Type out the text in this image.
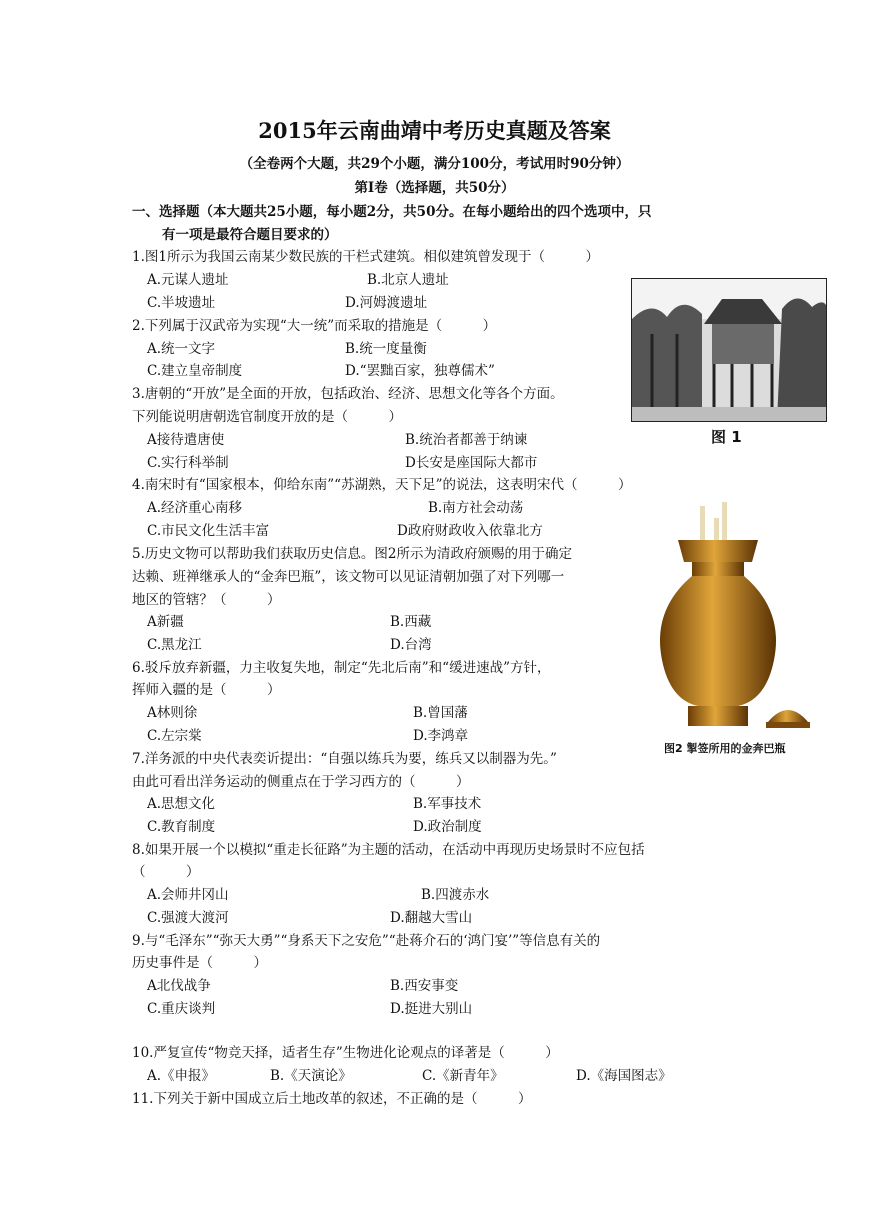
2015年云南曲靖中考历史真题及答案
（全卷两个大题，共29个小题，满分100分，考试用时90分钟）
第Ⅰ卷（选择题，共50分）
一、选择题（本大题共25小题，每小题2分，共50分。在每小题给出的四个选项中，只
有一项是最符合题目要求的）
1.图1所示为我国云南某少数民族的干栏式建筑。相似建筑曾发现于（　　　）
A.元谋人遗址	B.北京人遗址
C.半坡遗址	D.河姆渡遗址
2.下列属于汉武帝为实现“大一统”而采取的措施是（　　　）
A.统一文字	B.统一度量衡
C.建立皇帝制度	D.“罢黜百家，独尊儒术”
3.唐朝的“开放”是全面的开放，包括政治、经济、思想文化等各个方面。
下列能说明唐朝选官制度开放的是（　　　）
A接待遣唐使	B.统治者都善于纳谏
C.实行科举制	D长安是座国际大都市
图 1
4.南宋时有“国家根本，仰给东南”“苏湖熟，天下足”的说法，这表明宋代（　　　）
A.经济重心南移	B.南方社会动荡
C.市民文化生活丰富	D政府财政收入依靠北方
5.历史文物可以帮助我们获取历史信息。图2所示为清政府颁赐的用于确定
达赖、班禅继承人的“金奔巴瓶”，该文物可以见证清朝加强了对下列哪一
地区的管辖？（　　　）
A新疆	B.西藏
C.黑龙江	D.台湾
图2 掣签所用的金奔巴瓶
6.驳斥放弃新疆，力主收复失地，制定“先北后南”和“缓进速战”方针，
挥师入疆的是（　　　）
A林则徐	B.曾国藩
C.左宗棠	D.李鸿章
7.洋务派的中央代表奕䜣提出：“自强以练兵为要，练兵又以制器为先。”
由此可看出洋务运动的侧重点在于学习西方的（　　　）
A.思想文化	B.军事技术
C.教育制度	D.政治制度
8.如果开展一个以模拟“重走长征路”为主题的活动，在活动中再现历史场景时不应包括
（　　　）
A.会师井冈山	B.四渡赤水
C.强渡大渡河	D.翻越大雪山
9.与“毛泽东”“弥天大勇”“身系天下之安危”“赴蒋介石的‘鸿门宴’”等信息有关的
历史事件是（　　　）
A北伐战争	B.西安事变
C.重庆谈判	D.挺进大别山
10.严复宣传“物竞天择，适者生存”生物进化论观点的译著是（　　　）
A.《申报》	B.《天演论》	C.《新青年》	D.《海国图志》
11.下列关于新中国成立后土地改革的叙述，不正确的是（　　　）
